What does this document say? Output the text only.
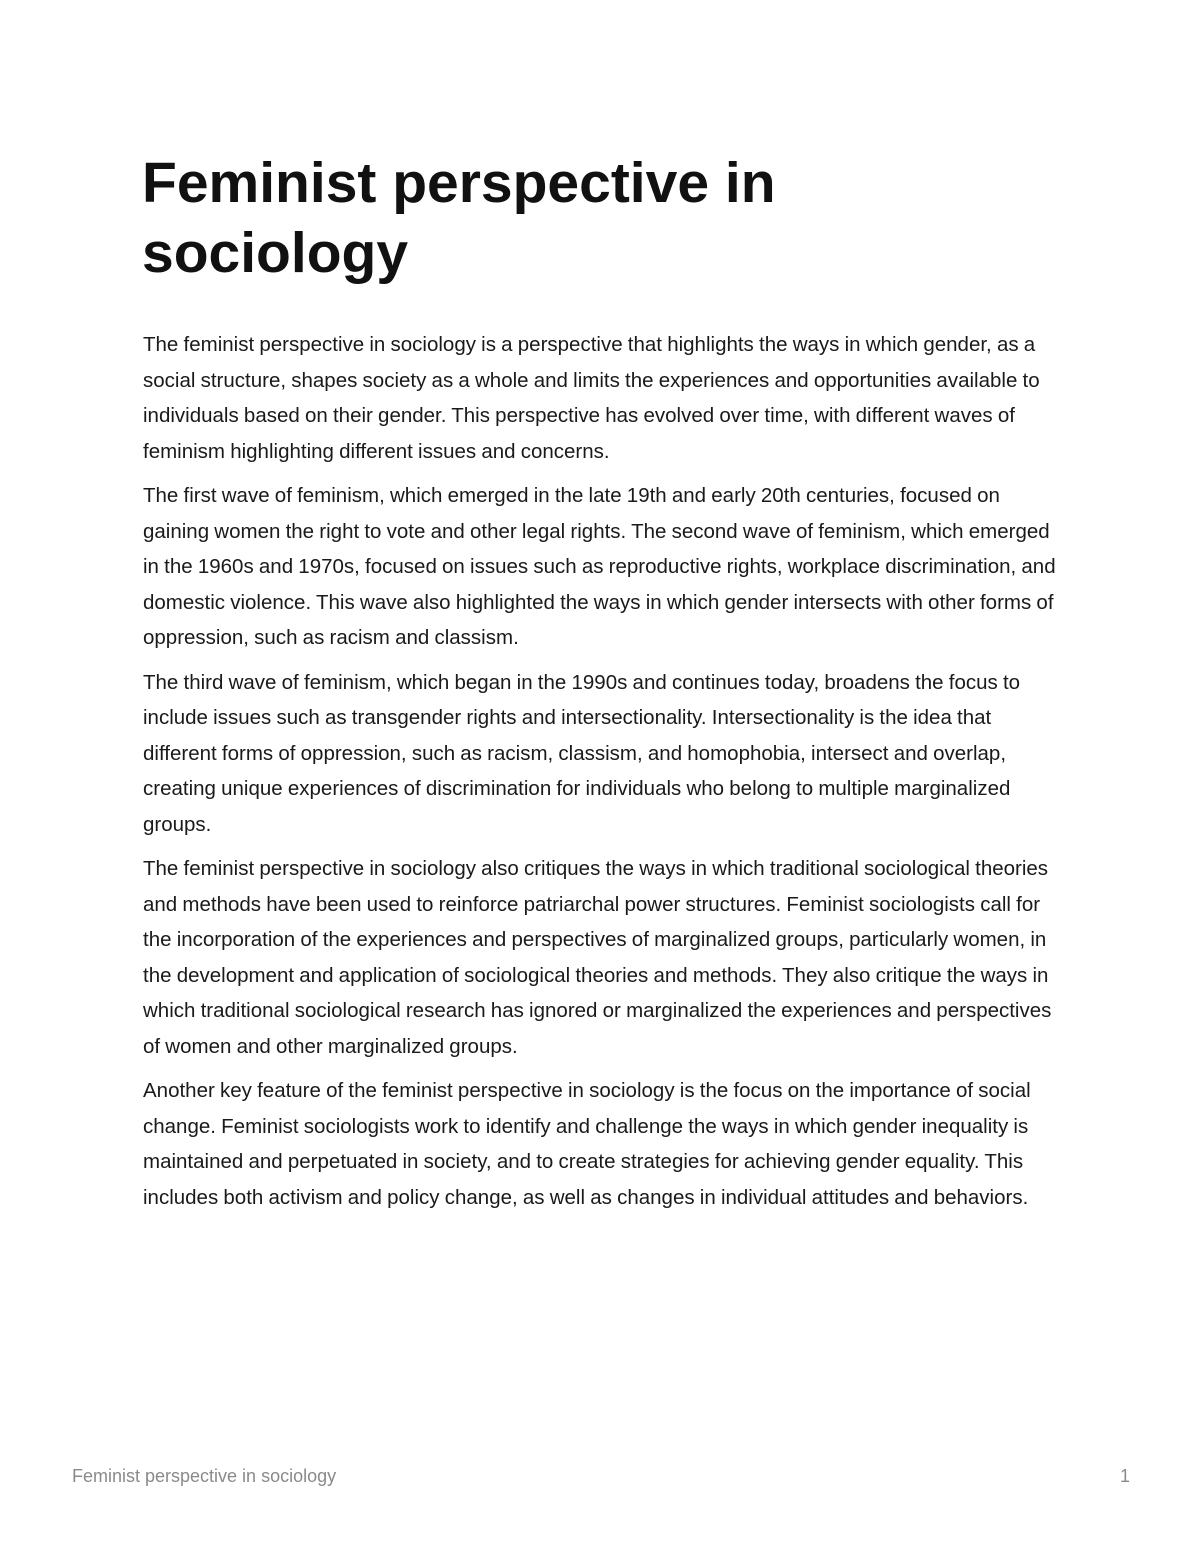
Feminist perspective in sociology

The feminist perspective in sociology is a perspective that highlights the ways in which gender, as a social structure, shapes society as a whole and limits the experiences and opportunities available to individuals based on their gender. This perspective has evolved over time, with different waves of feminism highlighting different issues and concerns.

The first wave of feminism, which emerged in the late 19th and early 20th centuries, focused on gaining women the right to vote and other legal rights. The second wave of feminism, which emerged in the 1960s and 1970s, focused on issues such as reproductive rights, workplace discrimination, and domestic violence. This wave also highlighted the ways in which gender intersects with other forms of oppression, such as racism and classism.

The third wave of feminism, which began in the 1990s and continues today, broadens the focus to include issues such as transgender rights and intersectionality. Intersectionality is the idea that different forms of oppression, such as racism, classism, and homophobia, intersect and overlap, creating unique experiences of discrimination for individuals who belong to multiple marginalized groups.

The feminist perspective in sociology also critiques the ways in which traditional sociological theories and methods have been used to reinforce patriarchal power structures. Feminist sociologists call for the incorporation of the experiences and perspectives of marginalized groups, particularly women, in the development and application of sociological theories and methods. They also critique the ways in which traditional sociological research has ignored or marginalized the experiences and perspectives of women and other marginalized groups.

Another key feature of the feminist perspective in sociology is the focus on the importance of social change. Feminist sociologists work to identify and challenge the ways in which gender inequality is maintained and perpetuated in society, and to create strategies for achieving gender equality. This includes both activism and policy change, as well as changes in individual attitudes and behaviors.

Feminist perspective in sociology	1
